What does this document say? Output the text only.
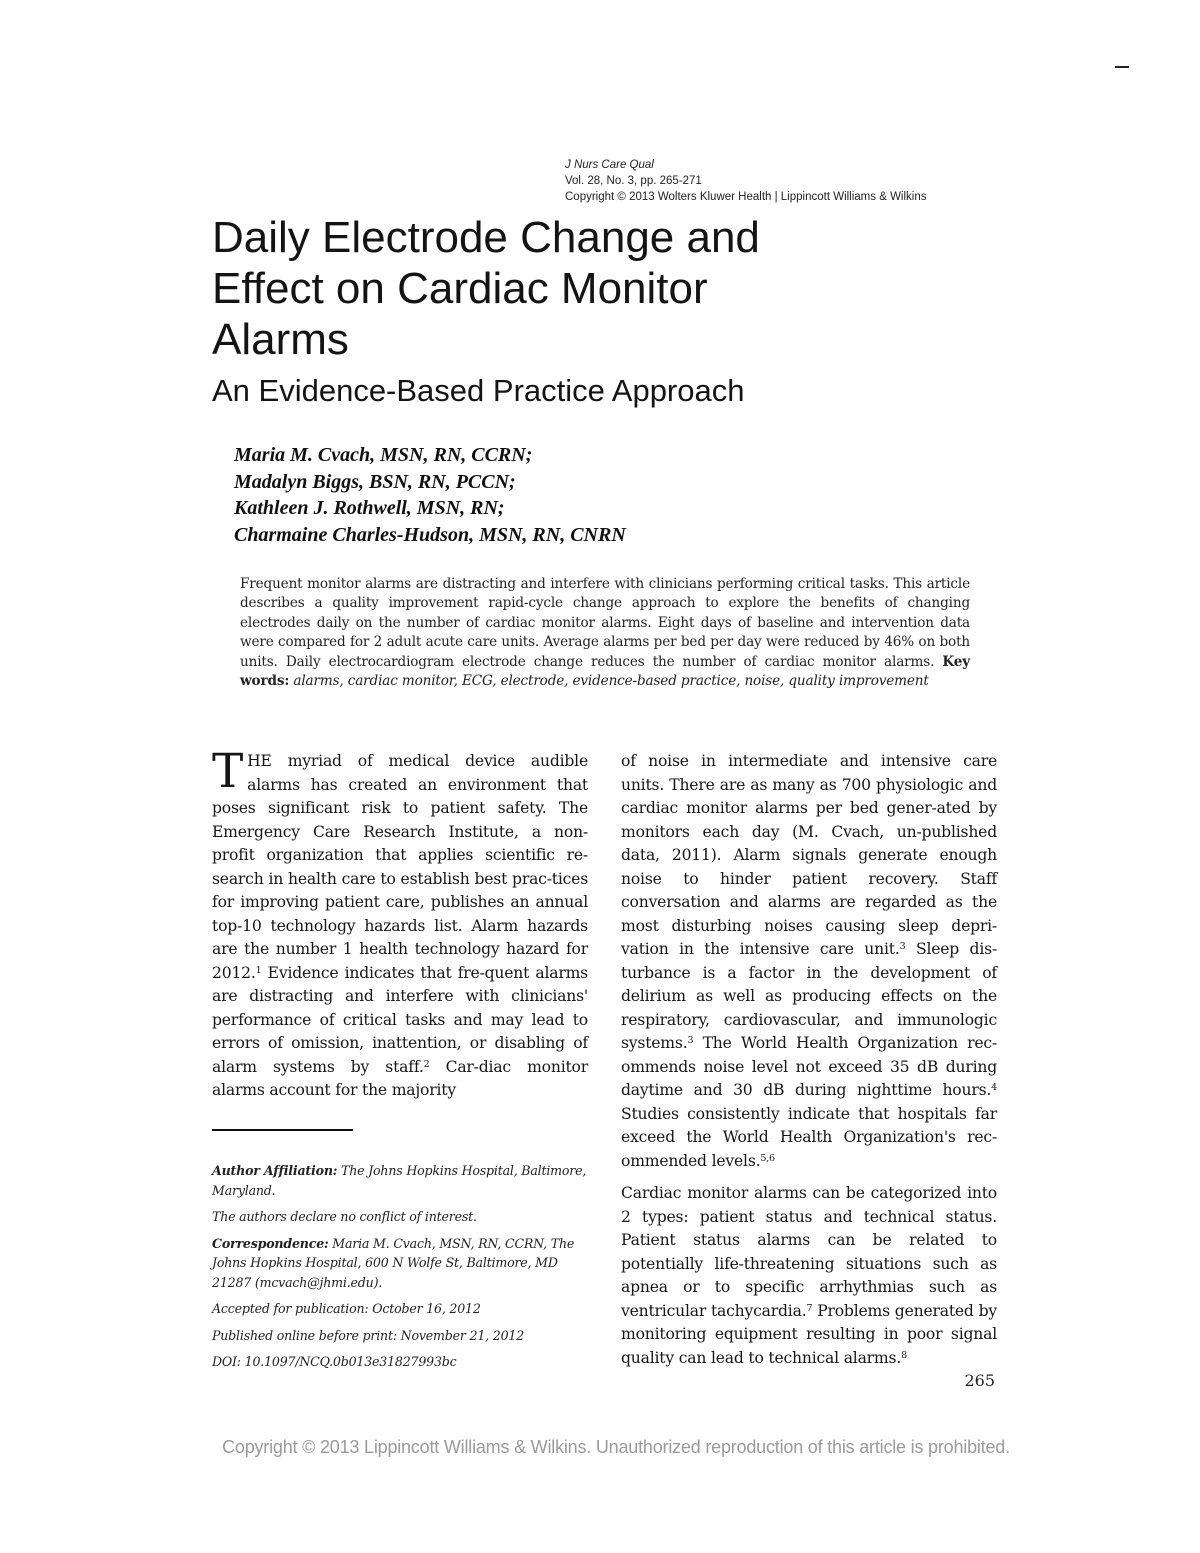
J Nurs Care Qual
Vol. 28, No. 3, pp. 265-271
Copyright © 2013 Wolters Kluwer Health | Lippincott Williams & Wilkins
Daily Electrode Change and
Effect on Cardiac Monitor
Alarms
An Evidence-Based Practice Approach
Maria M. Cvach, MSN, RN, CCRN;
Madalyn Biggs, BSN, RN, PCCN;
Kathleen J. Rothwell, MSN, RN;
Charmaine Charles-Hudson, MSN, RN, CNRN
Frequent monitor alarms are distracting and interfere with clinicians performing critical tasks. This article describes a quality improvement rapid-cycle change approach to explore the benefits of changing electrodes daily on the number of cardiac monitor alarms. Eight days of baseline and intervention data were compared for 2 adult acute care units. Average alarms per bed per day were reduced by 46% on both units. Daily electrocardiogram electrode change reduces the number of cardiac monitor alarms. Key words: alarms, cardiac monitor, ECG, electrode, evidence-based practice, noise, quality improvement

THE myriad of medical device audible alarms has created an environment that poses significant risk to patient safety. The Emergency Care Research Institute, a non-profit organization that applies scientific re-search in health care to establish best prac-tices for improving patient care, publishes an annual top-10 technology hazards list. Alarm hazards are the number 1 health technology hazard for 2012.$^1$ Evidence indicates that fre-quent alarms are distracting and interfere with clinicians' performance of critical tasks and may lead to errors of omission, inattention, or disabling of alarm systems by staff.$^2$ Car-diac monitor alarms account for the majority

Author Affiliation: The Johns Hopkins Hospital, Baltimore, Maryland.

The authors declare no conflict of interest.

Correspondence: Maria M. Cvach, MSN, RN, CCRN, The Johns Hopkins Hospital, 600 N Wolfe St, Baltimore, MD 21287 (mcvach@jhmi.edu).

Accepted for publication: October 16, 2012

Published online before print: November 21, 2012

DOI: 10.1097/NCQ.0b013e31827993bc

of noise in intermediate and intensive care units. There are as many as 700 physiologic and cardiac monitor alarms per bed gener-ated by monitors each day (M. Cvach, un-published data, 2011). Alarm signals generate enough noise to hinder patient recovery. Staff conversation and alarms are regarded as the most disturbing noises causing sleep depri-vation in the intensive care unit.$^3$ Sleep dis-turbance is a factor in the development of delirium as well as producing effects on the respiratory, cardiovascular, and immunologic systems.$^3$ The World Health Organization rec-ommends noise level not exceed 35 dB during daytime and 30 dB during nighttime hours.$^4$ Studies consistently indicate that hospitals far exceed the World Health Organization's rec-ommended levels.$^{5,6}$

Cardiac monitor alarms can be categorized into 2 types: patient status and technical status. Patient status alarms can be related to potentially life-threatening situations such as apnea or to specific arrhythmias such as ventricular tachycardia.$^7$ Problems generated by monitoring equipment resulting in poor signal quality can lead to technical alarms.$^8$

265
Copyright © 2013 Lippincott Williams & Wilkins. Unauthorized reproduction of this article is prohibited.
